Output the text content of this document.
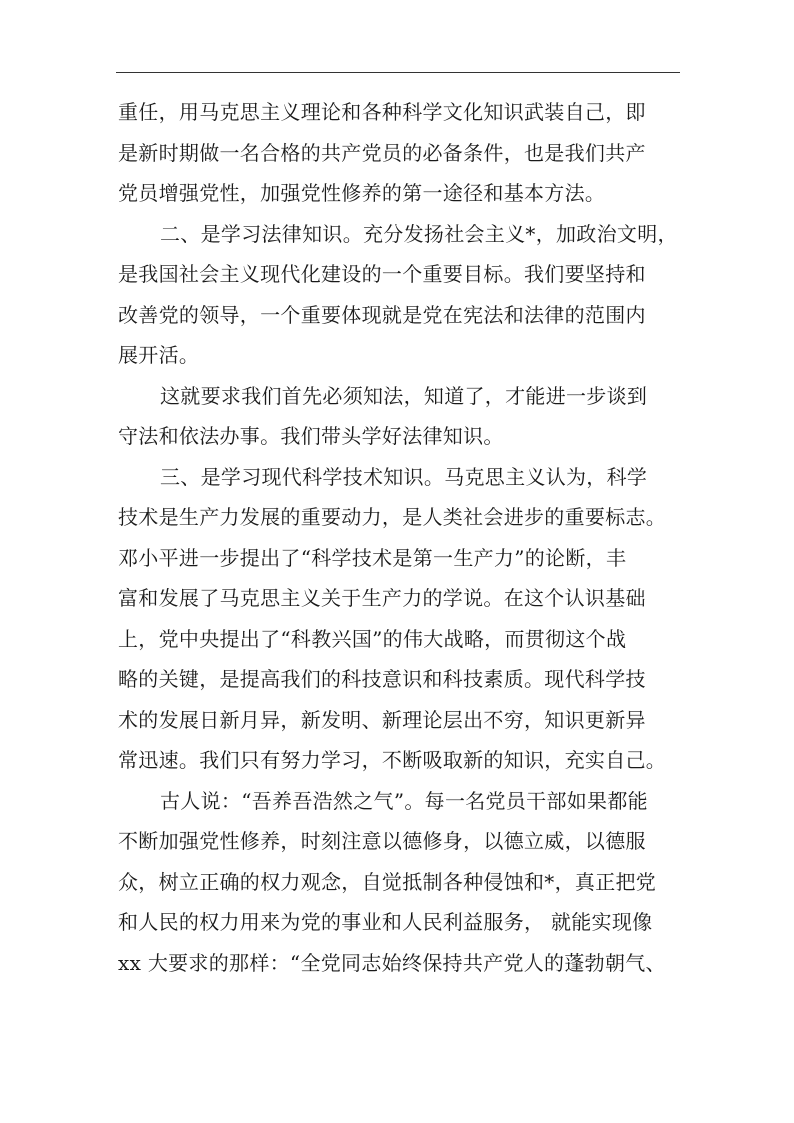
重任，用马克思主义理论和各种科学文化知识武装自己，即
是新时期做一名合格的共产党员的必备条件，也是我们共产
党员增强党性，加强党性修养的第一途径和基本方法。

二、是学习法律知识。充分发扬社会主义*，加政治文明，
是我国社会主义现代化建设的一个重要目标。我们要坚持和
改善党的领导，一个重要体现就是党在宪法和法律的范围内
展开活。

这就要求我们首先必须知法，知道了，才能进一步谈到
守法和依法办事。我们带头学好法律知识。

三、是学习现代科学技术知识。马克思主义认为，科学
技术是生产力发展的重要动力，是人类社会进步的重要标志。
邓小平进一步提出了“科学技术是第一生产力”的论断，丰
富和发展了马克思主义关于生产力的学说。在这个认识基础
上，党中央提出了“科教兴国”的伟大战略，而贯彻这个战
略的关键，是提高我们的科技意识和科技素质。现代科学技
术的发展日新月异，新发明、新理论层出不穷，知识更新异
常迅速。我们只有努力学习，不断吸取新的知识，充实自己。

古人说：“吾养吾浩然之气”。每一名党员干部如果都能
不断加强党性修养，时刻注意以德修身，以德立威，以德服
众，树立正确的权力观念，自觉抵制各种侵蚀和*，真正把党
和人民的权力用来为党的事业和人民利益服务， 就能实现像
xx 大要求的那样：“全党同志始终保持共产党人的蓬勃朝气、
